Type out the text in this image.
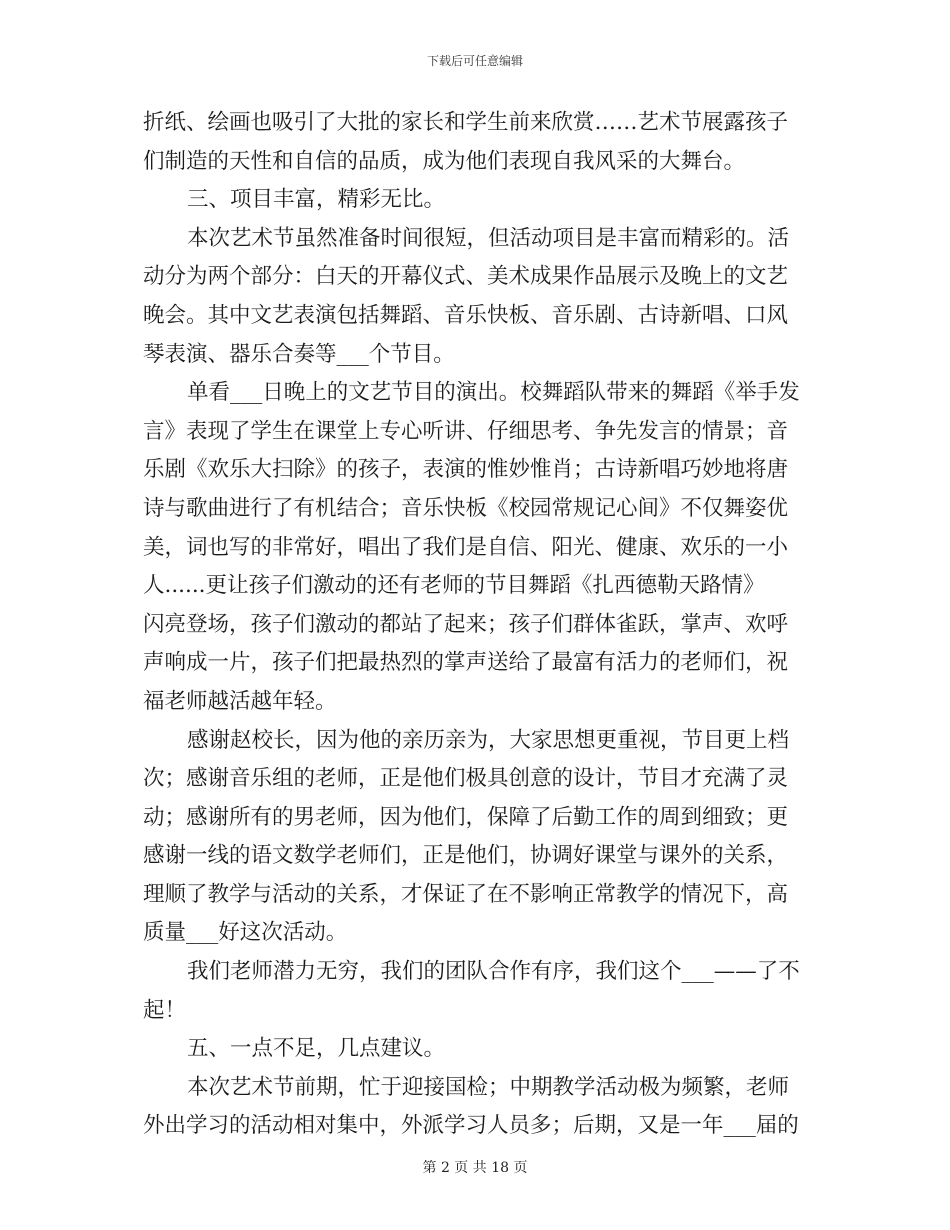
下载后可任意编辑

折纸、绘画也吸引了大批的家长和学生前来欣赏……艺术节展露孩子
们制造的天性和自信的品质，成为他们表现自我风采的大舞台。

三、项目丰富，精彩无比。

本次艺术节虽然准备时间很短，但活动项目是丰富而精彩的。活
动分为两个部分：白天的开幕仪式、美术成果作品展示及晚上的文艺
晚会。其中文艺表演包括舞蹈、音乐快板、音乐剧、古诗新唱、口风
琴表演、器乐合奏等___个节目。

单看___日晚上的文艺节目的演出。校舞蹈队带来的舞蹈《举手发
言》表现了学生在课堂上专心听讲、仔细思考、争先发言的情景；音
乐剧《欢乐大扫除》的孩子，表演的惟妙惟肖；古诗新唱巧妙地将唐
诗与歌曲进行了有机结合；音乐快板《校园常规记心间》不仅舞姿优
美，词也写的非常好，唱出了我们是自信、阳光、健康、欢乐的一小
人......更让孩子们激动的还有老师的节目舞蹈《扎西德勒天路情》
闪亮登场，孩子们激动的都站了起来；孩子们群体雀跃，掌声、欢呼
声响成一片，孩子们把最热烈的掌声送给了最富有活力的老师们，祝
福老师越活越年轻。

感谢赵校长，因为他的亲历亲为，大家思想更重视，节目更上档
次；感谢音乐组的老师，正是他们极具创意的设计，节目才充满了灵
动；感谢所有的男老师，因为他们，保障了后勤工作的周到细致；更
感谢一线的语文数学老师们，正是他们，协调好课堂与课外的关系，
理顺了教学与活动的关系，才保证了在不影响正常教学的情况下，高
质量___好这次活动。

我们老师潜力无穷，我们的团队合作有序，我们这个___——了不
起！

五、一点不足，几点建议。

本次艺术节前期，忙于迎接国检；中期教学活动极为频繁，老师
外出学习的活动相对集中，外派学习人员多；后期，又是一年___届的

第 2 页 共 18 页
